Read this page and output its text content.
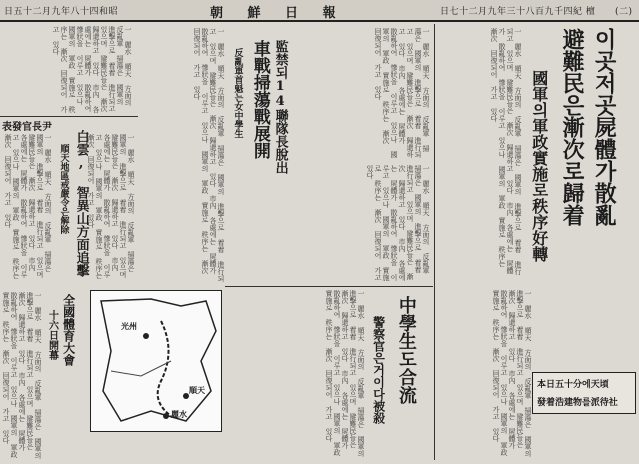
日五十二月九年八十四和昭	朝 鮮 日 報	日七十二月九年三十八百九千四紀 檀 (二)
이곳저곳屍體가散亂
避難民은漸次로歸着
國軍의軍政實施로秩序好轉
一 麗水 順天 方面의 反亂軍 掃蕩은 國軍의 進擊으로 着着 進行되고 있으며 避難民들은 漸次 歸還하고 있다 市內 各處에는 屍體가 散亂하여 慘狀을 이루고 있으나 國軍의 軍政 實施로 秩序는 漸次 回復되어 가고 있다
一 麗水 順天 方面의 反亂軍 掃蕩은 國軍의 進擊으로 着着 進行되고 있으며 避難民들은 漸次 歸還하고 있다 市內 各處에는 屍體가 散亂하여 慘狀을 이루고 있으나 國軍의 軍政 實施로 秩序는 漸次 回復되어 가고 있다	本日五十分에天頃
發着浩建物를派待社
中學生도合流
警察官은거이다被殺
一 麗水 順天 方面의 反亂軍 掃蕩은 國軍의 進擊으로 着着 進行되고 있으며 避難民들은 漸次 歸還하고 있다 市內 各處에는 屍體가 散亂하여 慘狀을 이루고 있으나 國軍의 軍政 實施로 秩序는 漸次 回復되어 가고 있다
一 麗水 順天 方面의 反亂軍 掃蕩은 國軍의 進擊으로 着着 進行되고 있으며 避難民들은 漸次 歸還하고 있다 市內 各處에는 屍體가 散亂하여 慘狀을 이루고 있으나 國軍의 軍政 實施로 秩序는 漸次 回復되어 가고 있다
一 麗水 順天 方面의 反亂軍 掃蕩은 國軍의 進擊으로 着着 進行되고 있으며 避難民들은 漸次 歸還하고 있다 市內 各處에는 屍體가 散亂하여 慘狀을 이루고 있으나 國軍의 軍政 實施로 秩序는 漸次 回復되어 가고 있다
監禁되14聯隊長脫出
車戰掃蕩戰展開
反亂軍首魁는女中學生
一 麗水 順天 方面의 反亂軍 掃蕩은 國軍의 進擊으로 着着 進行되고 있으며 避難民들은 漸次 歸還하고 있다 市內 各處에는 屍體가 散亂하여 慘狀을 이루고 있으나 國軍의 軍政 實施로 秩序는 漸次 回復되어 가고 있다
白雲, 智異山方面追擊
順天地區戒嚴令은解除
表發官長尹
一 麗水 順天 方面의 反亂軍 掃蕩은 國軍의 進擊으로 着着 進行되고 있으며 避難民들은 漸次 歸還하고 있다 市內 各處에는 屍體가 散亂하여 慘狀을 이루고 있으나 國軍의 軍政 實施로 秩序는 漸次 回復되어 가고 있다
一 麗水 順天 方面의 反亂軍 掃蕩은 國軍의 進擊으로 着着 進行되고 있으며 避難民들은 漸次 歸還하고 있다 市內 各處에는 屍體가 散亂하여 慘狀을 이루고 있으나 國軍의 軍政 實施로 秩序는 漸次 回復되어 가고 있다	一 麗水 順天 方面의 反亂軍 掃蕩은 國軍의 進擊으로 着着 進行되고 있으며 避難民들은 漸次 歸還하고 있다 市內 各處에는 屍體가 散亂하여 慘狀을 이루고 있으나 國軍의 軍政 實施로 秩序는 漸次 回復되어 가고 있다
全國體育大會
十六日開幕
一 麗水 順天 方面의 反亂軍 掃蕩은 國軍의 進擊으로 着着 進行되고 있으며 避難民들은 漸次 歸還하고 있다 市內 各處에는 屍體가 散亂하여 慘狀을 이루고 있으나 國軍의 軍政 實施로 秩序는 漸次 回復되어 가고 있다	光州
順天
麗水
